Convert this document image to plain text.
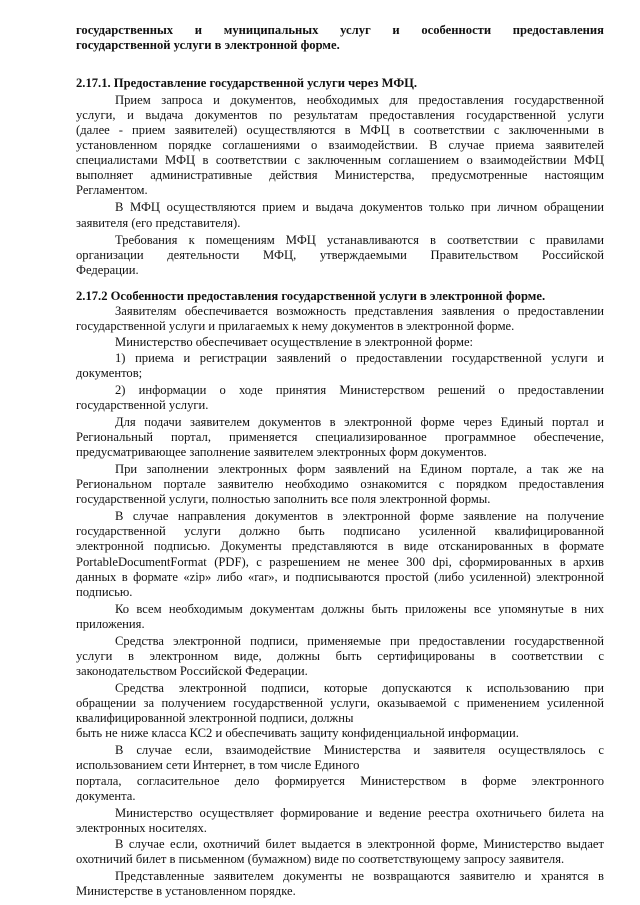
государственных и муниципальных услуг и особенности предоставления
государственной услуги в электронной форме.
2.17.1. Предоставление государственной услуги через МФЦ.
Прием запроса и документов, необходимых для предоставления государственной
услуги, и выдача документов по результатам предоставления государственной услуги
(далее - прием заявителей) осуществляются в МФЦ в соответствии с заключенными в
установленном порядке соглашениями о взаимодействии. В случае приема заявителей
специалистами МФЦ в соответствии с заключенным соглашением о взаимодействии МФЦ
выполняет административные действия Министерства, предусмотренные настоящим
Регламентом.
В МФЦ осуществляются прием и выдача документов только при личном обращении
заявителя (его представителя).
Требования к помещениям МФЦ устанавливаются в соответствии с правилами
организации деятельности МФЦ, утверждаемыми Правительством Российской
Федерации.
2.17.2 Особенности предоставления государственной услуги в электронной форме.
Заявителям обеспечивается возможность представления заявления о предоставлении
государственной услуги и прилагаемых к нему документов в электронной форме.
Министерство обеспечивает осуществление в электронной форме:
1) приема и регистрации заявлений о предоставлении государственной услуги и
документов;
2) информации о ходе принятия Министерством решений о предоставлении
государственной услуги.
Для подачи заявителем документов в электронной форме через Единый портал и
Региональный портал, применяется специализированное программное обеспечение,
предусматривающее заполнение заявителем электронных форм документов.
При заполнении электронных форм заявлений на Едином портале, а так же на
Региональном портале заявителю необходимо ознакомится с порядком предоставления
государственной услуги, полностью заполнить все поля электронной формы.
В случае направления документов в электронной форме заявление на получение
государственной услуги должно быть подписано усиленной квалифицированной
электронной подписью. Документы представляются в виде отсканированных в формате
PortableDocumentFormat (PDF), с разрешением не менее 300 dpi, сформированных в архив
данных в формате «zip» либо «rar», и подписываются простой (либо усиленной) электронной
подписью.
Ко всем необходимым документам должны быть приложены все упомянутые в них
приложения.
Средства электронной подписи, применяемые при предоставлении государственной
услуги в электронном виде, должны быть сертифицированы в соответствии с
законодательством Российской Федерации.
Средства электронной подписи, которые допускаются к использованию при
обращении за получением государственной услуги, оказываемой с применением усиленной
квалифицированной электронной подписи, должны
быть не ниже класса КС2 и обеспечивать защиту конфиденциальной информации.
В случае если, взаимодействие Министерства и заявителя осуществлялось с
использованием сети Интернет, в том числе Единого
портала, согласительное дело формируется Министерством в форме электронного
документа.
Министерство осуществляет формирование и ведение реестра охотничьего билета на
электронных носителях.
В случае если, охотничий билет выдается в электронной форме, Министерство выдает
охотничий билет в письменном (бумажном) виде по соответствующему запросу заявителя.
Представленные заявителем документы не возвращаются заявителю и хранятся в
Министерстве в установленном порядке.
